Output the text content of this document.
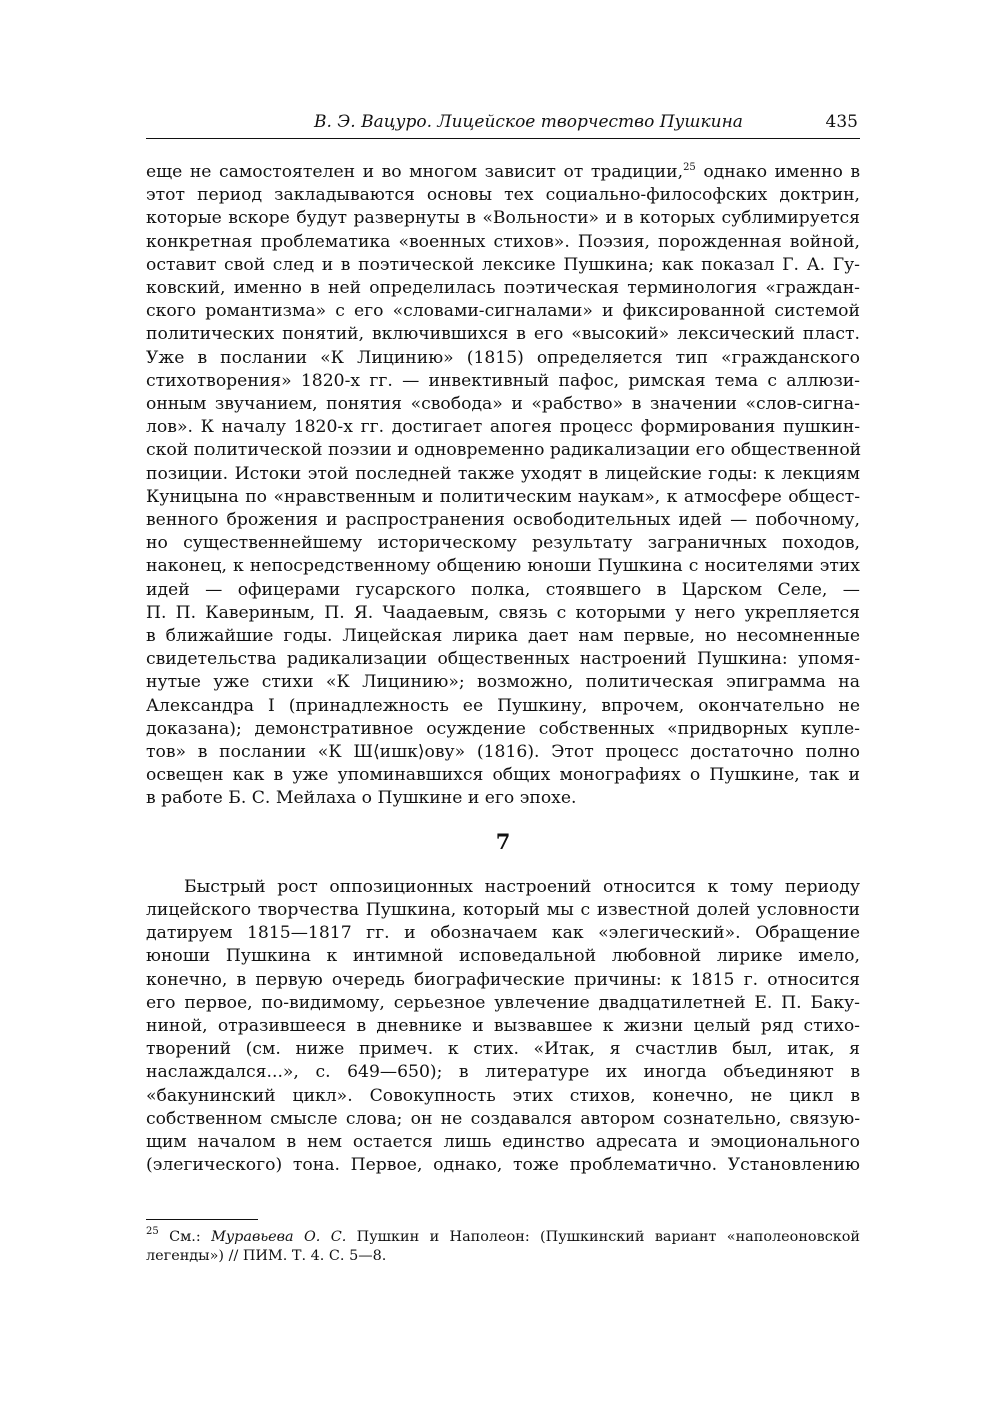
В. Э. Вацуро. Лицейское творчество Пушкина	435
еще не самостоятелен и во многом зависит от традиции,$^{25}$ однако именно в
этот период закладываются основы тех социально-философских доктрин,
которые вскоре будут развернуты в «Вольности» и в которых сублимируется
конкретная проблематика «военных стихов». Поэзия, порожденная войной,
оставит свой след и в поэтической лексике Пушкина; как показал Г. А. Гу-
ковский, именно в ней определилась поэтическая терминология «граждан-
ского романтизма» с его «словами-сигналами» и фиксированной системой
политических понятий, включившихся в его «высокий» лексический пласт.
Уже в послании «К Лицинию» (1815) определяется тип «гражданского
стихотворения» 1820-х гг. — инвективный пафос, римская тема с аллюзи-
онным звучанием, понятия «свобода» и «рабство» в значении «слов-сигна-
лов». К началу 1820-х гг. достигает апогея процесс формирования пушкин-
ской политической поэзии и одновременно радикализации его общественной
позиции. Истоки этой последней также уходят в лицейские годы: к лекциям
Куницына по «нравственным и политическим наукам», к атмосфере общест-
венного брожения и распространения освободительных идей — побочному,
но существеннейшему историческому результату заграничных походов,
наконец, к непосредственному общению юноши Пушкина с носителями этих
идей — офицерами гусарского полка, стоявшего в Царском Селе, —
П. П. Кавериным, П. Я. Чаадаевым, связь с которыми у него укрепляется
в ближайшие годы. Лицейская лирика дает нам первые, но несомненные
свидетельства радикализации общественных настроений Пушкина: упомя-
нутые уже стихи «К Лицинию»; возможно, политическая эпиграмма на
Александра I (принадлежность ее Пушкину, впрочем, окончательно не
доказана); демонстративное осуждение собственных «придворных купле-
тов» в послании «К Ш⟨ишк⟩ову» (1816). Этот процесс достаточно полно
освещен как в уже упоминавшихся общих монографиях о Пушкине, так и
в работе Б. С. Мейлаха о Пушкине и его эпохе.
7
Быстрый рост оппозиционных настроений относится к тому периоду
лицейского творчества Пушкина, который мы с известной долей условности
датируем 1815—1817 гг. и обозначаем как «элегический». Обращение
юноши Пушкина к интимной исповедальной любовной лирике имело,
конечно, в первую очередь биографические причины: к 1815 г. относится
его первое, по-видимому, серьезное увлечение двадцатилетней Е. П. Баку-
ниной, отразившееся в дневнике и вызвавшее к жизни целый ряд стихо-
творений (см. ниже примеч. к стих. «Итак, я счастлив был, итак, я
наслаждался...», с. 649—650); в литературе их иногда объединяют в
«бакунинский цикл». Совокупность этих стихов, конечно, не цикл в
собственном смысле слова; он не создавался автором сознательно, связую-
щим началом в нем остается лишь единство адресата и эмоционального
(элегического) тона. Первое, однако, тоже проблематично. Установлению
$^{25}$ См.: Муравьева О. С. Пушкин и Наполеон: (Пушкинский вариант «наполеоновской
легенды») // ПИМ. Т. 4. С. 5—8.
